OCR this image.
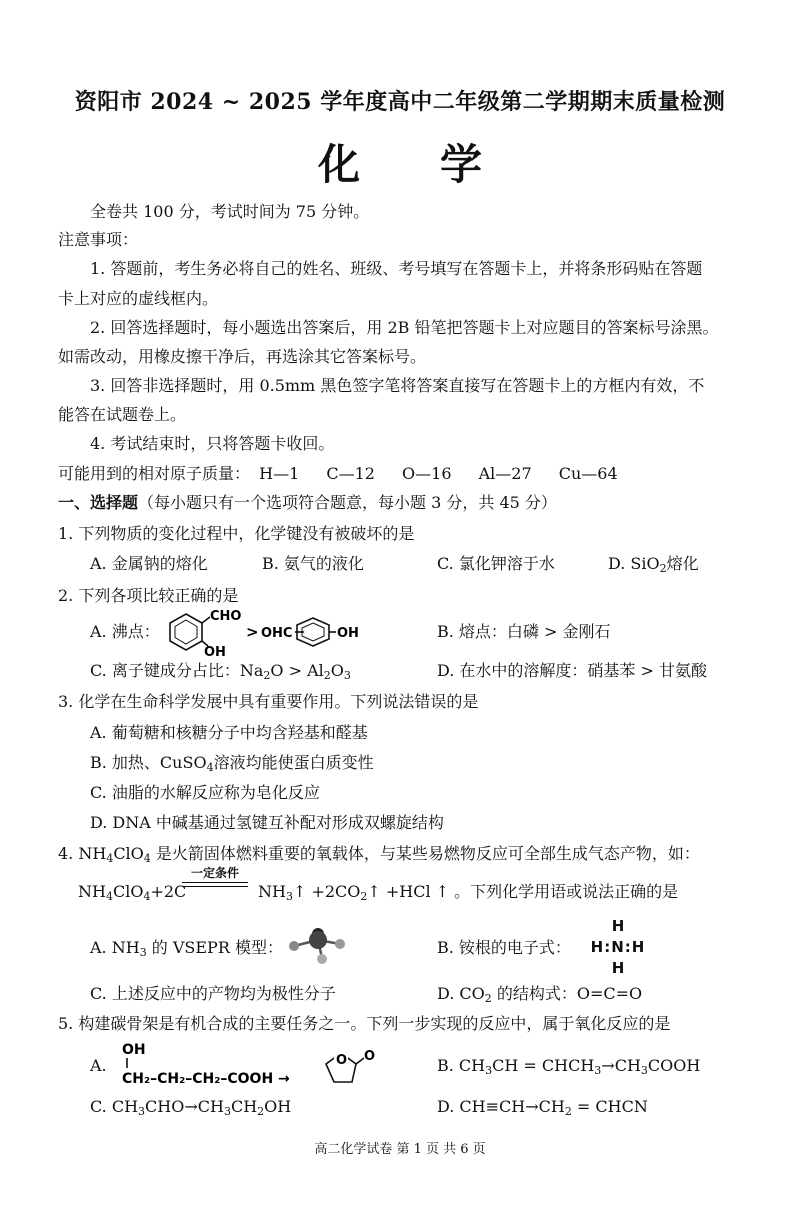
资阳市 2024 ~ 2025 学年度高中二年级第二学期期末质量检测
化学
全卷共 100 分，考试时间为 75 分钟。
注意事项：
1. 答题前，考生务必将自己的姓名、班级、考号填写在答题卡上，并将条形码贴在答题
卡上对应的虚线框内。
2. 回答选择题时，每小题选出答案后，用 2B 铅笔把答题卡上对应题目的答案标号涂黑。
如需改动，用橡皮擦干净后，再选涂其它答案标号。
3. 回答非选择题时，用 0.5mm 黑色签字笔将答案直接写在答题卡上的方框内有效，不
能答在试题卷上。
4. 考试结束时，只将答题卡收回。
可能用到的相对原子质量： H—1 C—12 O—16 Al—27 Cu—64
一、选择题（每小题只有一个选项符合题意，每小题 3 分，共 45 分）
1. 下列物质的变化过程中，化学键没有被破坏的是
A. 金属钠的熔化	B. 氨气的液化	C. 氯化钾溶于水	D. SiO$_2$熔化
2. 下列各项比较正确的是
A. 沸点：
CHO
OH
> OHC	OH	B. 熔点：白磷 > 金刚石
C. 离子键成分占比：$Na_2O > Al_2O_3$	D. 在水中的溶解度：硝基苯 > 甘氨酸
3. 化学在生命科学发展中具有重要作用。下列说法错误的是
A. 葡萄糖和核糖分子中均含羟基和醛基
B. 加热、CuSO$_4$溶液均能使蛋白质变性
C. 油脂的水解反应称为皂化反应
D. DNA 中碱基通过氢键互补配对形成双螺旋结构
4. $NH_4ClO_4$ 是火箭固体燃料重要的氧载体，与某些易燃物反应可全部生成气态产物，如：
$NH_4ClO_4+2C$
一定条件
$NH_3↑$ $+2CO_2↑ +HCl$ ↑ 。下列化学用语或说法正确的是
A. $NH_3$ 的 VSEPR 模型：	B. 铵根的电子式：
H
H:N:H
H
C. 上述反应中的产物均为极性分子	D. $CO_2$ 的结构式：O=C=O
5. 构建碳骨架是有机合成的主要任务之一。下列一步实现的反应中，属于氧化反应的是
A.
OH
CH₂–CH₂–CH₂–COOH →
O O	B. $CH_3CH$ = $CHCH_3\to CH_3COOH$
C. $CH_3CHO\to CH_3CH_2OH$	D. $CH\equiv CH\to CH_2$ = CHCN
高二化学试卷 第 1 页 共 6 页
